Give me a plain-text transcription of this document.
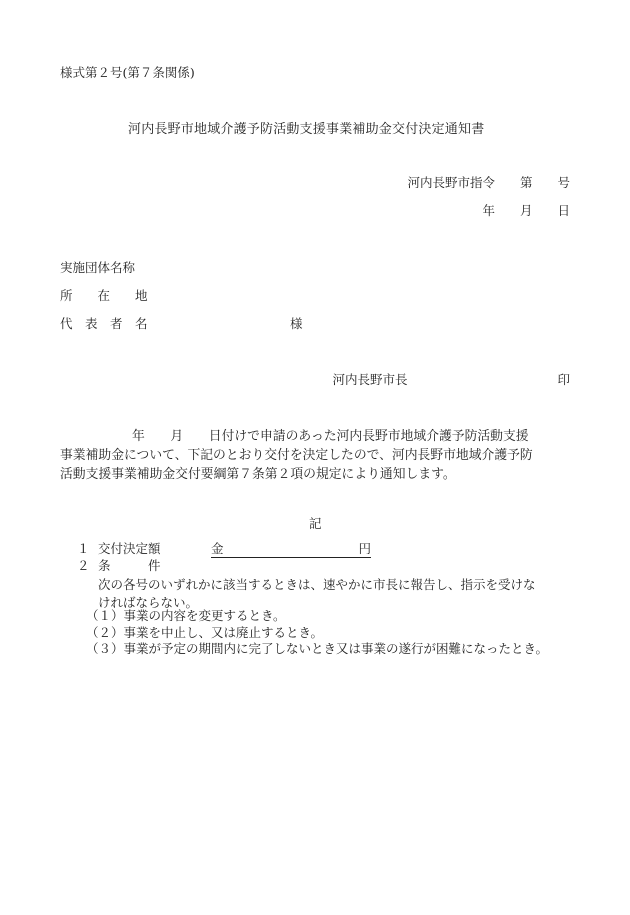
様式第２号(第７条関係)
河内長野市地域介護予防活動支援事業補助金交付決定通知書
河内長野市指令　　第　　号
年　　月　　日
実施団体名称
所　　在　　地
代　表　者　名	様
河内長野市長　　　　　　　　　　　　印
年　　月　　日付けで申請のあった河内長野市地域介護予防活動支援
事業補助金について、下記のとおり交付を決定したので、河内長野市地域介護予防
活動支援事業補助金交付要綱第７条第２項の規定により通知します。
記
１ 交付決定額	金	円
２ 条　　　件
次の各号のいずれかに該当するときは、速やかに市長に報告し、指示を受けなければならない。
（１）事業の内容を変更するとき。
（２）事業を中止し、又は廃止するとき。
（３）事業が予定の期間内に完了しないとき又は事業の遂行が困難になったとき。
